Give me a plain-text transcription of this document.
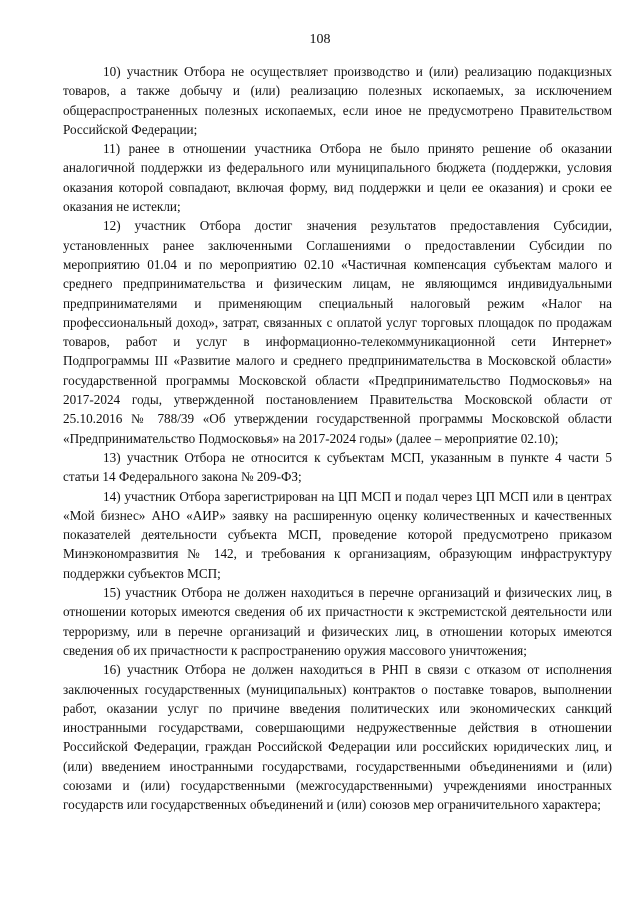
108

10) участник Отбора не осуществляет производство и (или) реализацию подакцизных товаров, а также добычу и (или) реализацию полезных ископаемых, за исключением общераспространенных полезных ископаемых, если иное не предусмотрено Правительством Российской Федерации;

11) ранее в отношении участника Отбора не было принято решение об оказании аналогичной поддержки из федерального или муниципального бюджета (поддержки, условия оказания которой совпадают, включая форму, вид поддержки и цели ее оказания) и сроки ее оказания не истекли;

12) участник Отбора достиг значения результатов предоставления Субсидии, установленных ранее заключенными Соглашениями о предоставлении Субсидии по мероприятию 01.04 и по мероприятию 02.10 «Частичная компенсация субъектам малого и среднего предпринимательства и физическим лицам, не являющимся индивидуальными предпринимателями и применяющим специальный налоговый режим «Налог на профессиональный доход», затрат, связанных с оплатой услуг торговых площадок по продажам товаров, работ и услуг в информационно-телекоммуникационной сети Интернет» Подпрограммы III «Развитие малого и среднего предпринимательства в Московской области» государственной программы Московской области «Предпринимательство Подмосковья» на 2017-2024 годы, утвержденной постановлением Правительства Московской области от 25.10.2016 № 788/39 «Об утверждении государственной программы Московской области «Предпринимательство Подмосковья» на 2017-2024 годы» (далее – мероприятие 02.10);

13) участник Отбора не относится к субъектам МСП, указанным в пункте 4 части 5 статьи 14 Федерального закона № 209-ФЗ;

14) участник Отбора зарегистрирован на ЦП МСП и подал через ЦП МСП или в центрах «Мой бизнес» АНО «АИР» заявку на расширенную оценку количественных и качественных показателей деятельности субъекта МСП, проведение которой предусмотрено приказом Минэкономразвития № 142, и требования к организациям, образующим инфраструктуру поддержки субъектов МСП;

15) участник Отбора не должен находиться в перечне организаций и физических лиц, в отношении которых имеются сведения об их причастности к экстремистской деятельности или терроризму, или в перечне организаций и физических лиц, в отношении которых имеются сведения об их причастности к распространению оружия массового уничтожения;

16) участник Отбора не должен находиться в РНП в связи с отказом от исполнения заключенных государственных (муниципальных) контрактов о поставке товаров, выполнении работ, оказании услуг по причине введения политических или экономических санкций иностранными государствами, совершающими недружественные действия в отношении Российской Федерации, граждан Российской Федерации или российских юридических лиц, и (или) введением иностранными государствами, государственными объединениями и (или) союзами и (или) государственными (межгосударственными) учреждениями иностранных государств или государственных объединений и (или) союзов мер ограничительного характера;
